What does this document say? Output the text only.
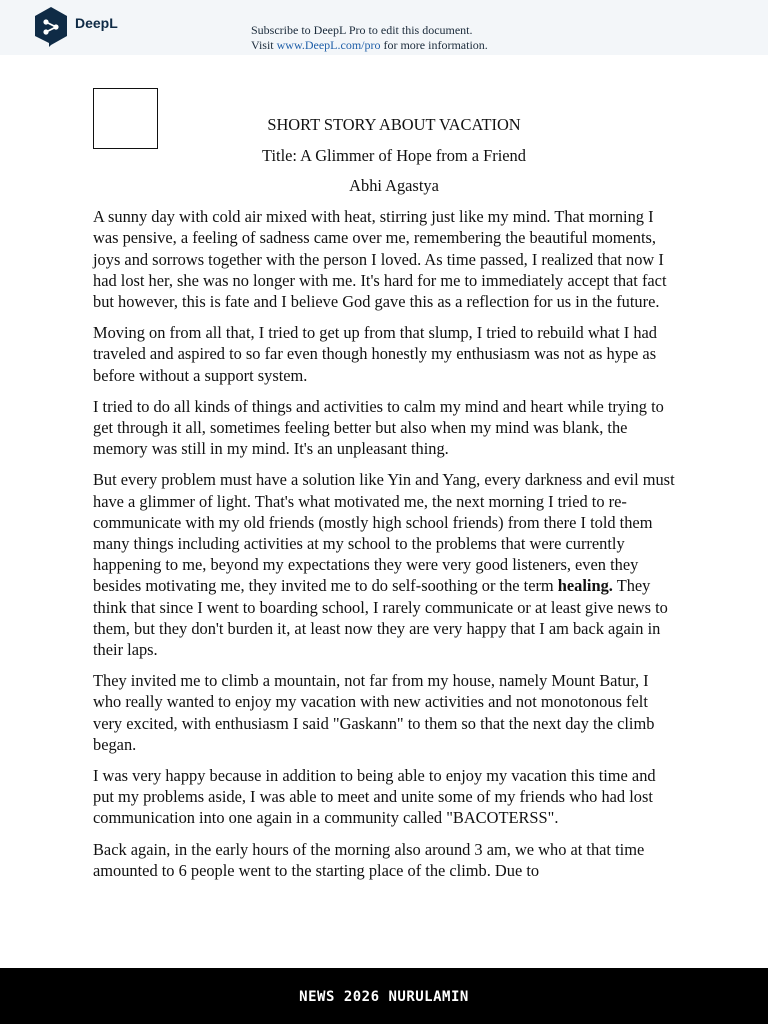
DeepL	Subscribe to DeepL Pro to edit this document.
Visit www.DeepL.com/pro for more information.

SHORT STORY ABOUT VACATION

Title: A Glimmer of Hope from a Friend

Abhi Agastya

A sunny day with cold air mixed with heat, stirring just like my mind. That morning I was pensive, a feeling of sadness came over me, remembering the beautiful moments, joys and sorrows together with the person I loved. As time passed, I realized that now I had lost her, she was no longer with me. It's hard for me to immediately accept that fact but however, this is fate and I believe God gave this as a reflection for us in the future.

Moving on from all that, I tried to get up from that slump, I tried to rebuild what I had traveled and aspired to so far even though honestly my enthusiasm was not as hype as before without a support system.

I tried to do all kinds of things and activities to calm my mind and heart while trying to get through it all, sometimes feeling better but also when my mind was blank, the memory was still in my mind. It's an unpleasant thing.

But every problem must have a solution like Yin and Yang, every darkness and evil must have a glimmer of light. That's what motivated me, the next morning I tried to re-communicate with my old friends (mostly high school friends) from there I told them many things including activities at my school to the problems that were currently happening to me, beyond my expectations they were very good listeners, even they besides motivating me, they invited me to do self-soothing or the term healing. They think that since I went to boarding school, I rarely communicate or at least give news to them, but they don't burden it, at least now they are very happy that I am back again in their laps.

They invited me to climb a mountain, not far from my house, namely Mount Batur, I who really wanted to enjoy my vacation with new activities and not monotonous felt very excited, with enthusiasm I said "Gaskann" to them so that the next day the climb began.

I was very happy because in addition to being able to enjoy my vacation this time and put my problems aside, I was able to meet and unite some of my friends who had lost communication into one again in a community called "BACOTERSS".

Back again, in the early hours of the morning also around 3 am, we who at that time amounted to 6 people went to the starting place of the climb. Due to

NEWS 2026 NURULAMIN
